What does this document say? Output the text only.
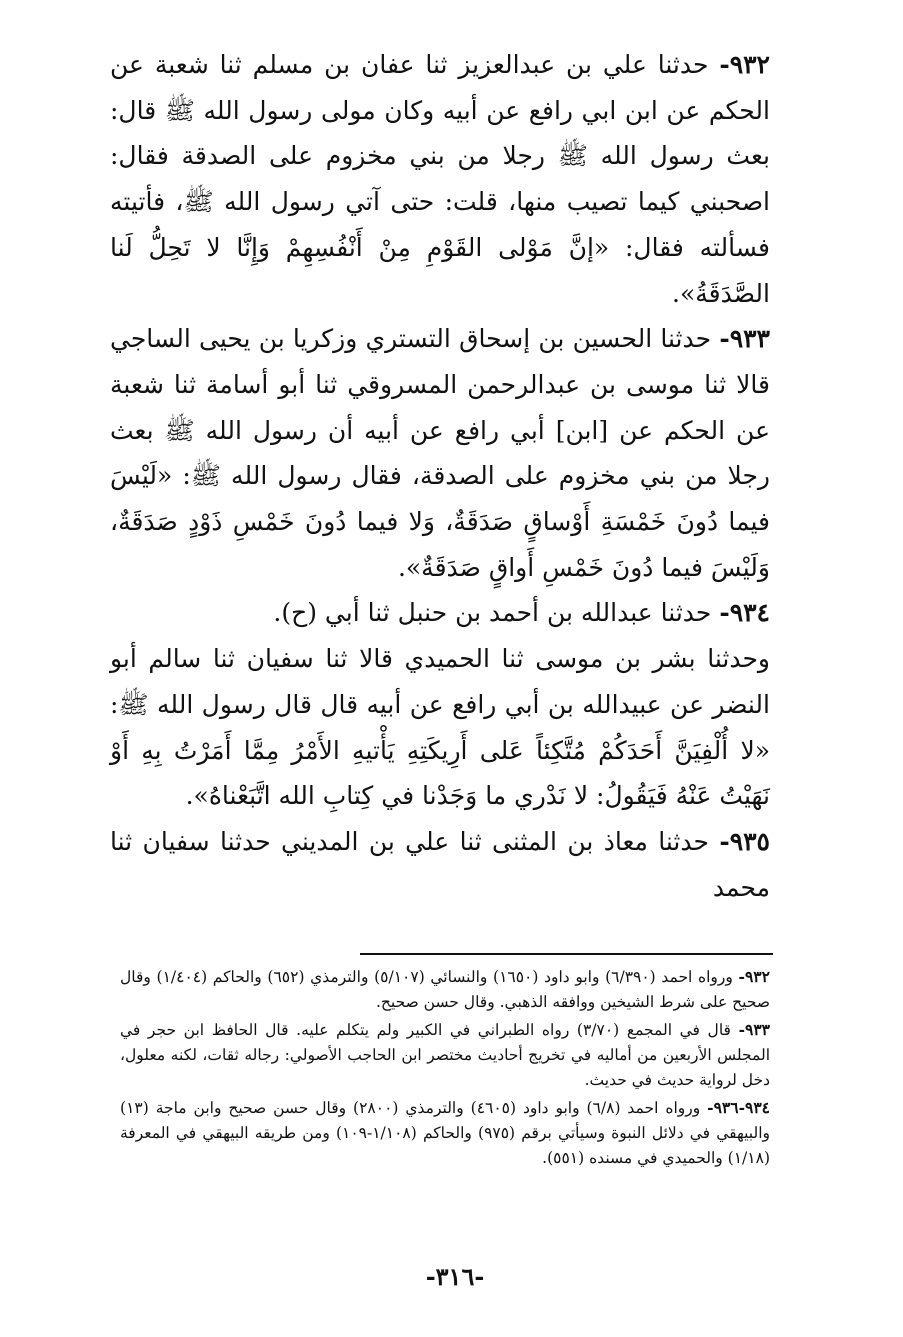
٩٣٢- حدثنا علي بن عبدالعزيز ثنا عفان بن مسلم ثنا شعبة عن الحكم عن ابن ابي رافع عن أبيه وكان مولى رسول الله ﷺ قال: بعث رسول الله ﷺ رجلا من بني مخزوم على الصدقة فقال: اصحبني كيما تصيب منها، قلت: حتى آتي رسول الله ﷺ، فأتيته فسألته فقال: «إنَّ مَوْلى القَوْمِ مِنْ أَنْفُسِهِمْ وَإِنَّا لا تَحِلُّ لَنا الصَّدَقَةُ».

٩٣٣- حدثنا الحسين بن إسحاق التستري وزكريا بن يحيى الساجي قالا ثنا موسى بن عبدالرحمن المسروقي ثنا أبو أسامة ثنا شعبة عن الحكم عن [ابن] أبي رافع عن أبيه أن رسول الله ﷺ بعث رجلا من بني مخزوم على الصدقة، فقال رسول الله ﷺ: «لَيْسَ فيما دُونَ خَمْسَةِ أَوْساقٍ صَدَقَةٌ، وَلا فيما دُونَ خَمْسِ ذَوْدٍ صَدَقَةٌ، وَلَيْسَ فيما دُونَ خَمْسِ أَواقٍ صَدَقَةٌ».

٩٣٤- حدثنا عبدالله بن أحمد بن حنبل ثنا أبي (ح).

وحدثنا بشر بن موسى ثنا الحميدي قالا ثنا سفيان ثنا سالم أبو النضر عن عبيدالله بن أبي رافع عن أبيه قال قال رسول الله ﷺ: «لا أُلْفِيَنَّ أَحَدَكُمْ مُتَّكِئاً عَلى أَرِيكَتِهِ يَأْتيهِ الأَمْرُ مِمَّا أَمَرْتُ بِهِ أَوْ نَهَيْتُ عَنْهُ فَيَقُولُ: لا نَدْري ما وَجَدْنا في كِتابِ الله اتَّبَعْناهُ».

٩٣٥- حدثنا معاذ بن المثنى ثنا علي بن المديني حدثنا سفيان ثنا محمد

٩٣٢- ورواه احمد (٦/٣٩٠) وابو داود (١٦٥٠) والنسائي (٥/١٠٧) والترمذي (٦٥٢) والحاكم (١/٤٠٤) وقال صحيح على شرط الشيخين ووافقه الذهبي. وقال حسن صحيح.

٩٣٣- قال في المجمع (٣/٧٠) رواه الطبراني في الكبير ولم يتكلم عليه. قال الحافظ ابن حجر في المجلس الأربعين من أماليه في تخريج أحاديث مختصر ابن الحاجب الأصولي: رجاله ثقات، لكنه معلول، دخل لرواية حديث في حديث.

٩٣٤-٩٣٦- ورواه احمد (٦/٨) وابو داود (٤٦٠٥) والترمذي (٢٨٠٠) وقال حسن صحيح وابن ماجة (١٣) والبيهقي في دلائل النبوة وسيأتي برقم (٩٧٥) والحاكم (١/١٠٨-١٠٩) ومن طريقه البيهقي في المعرفة (١/١٨) والحميدي في مسنده (٥٥١).

-٣١٦-
